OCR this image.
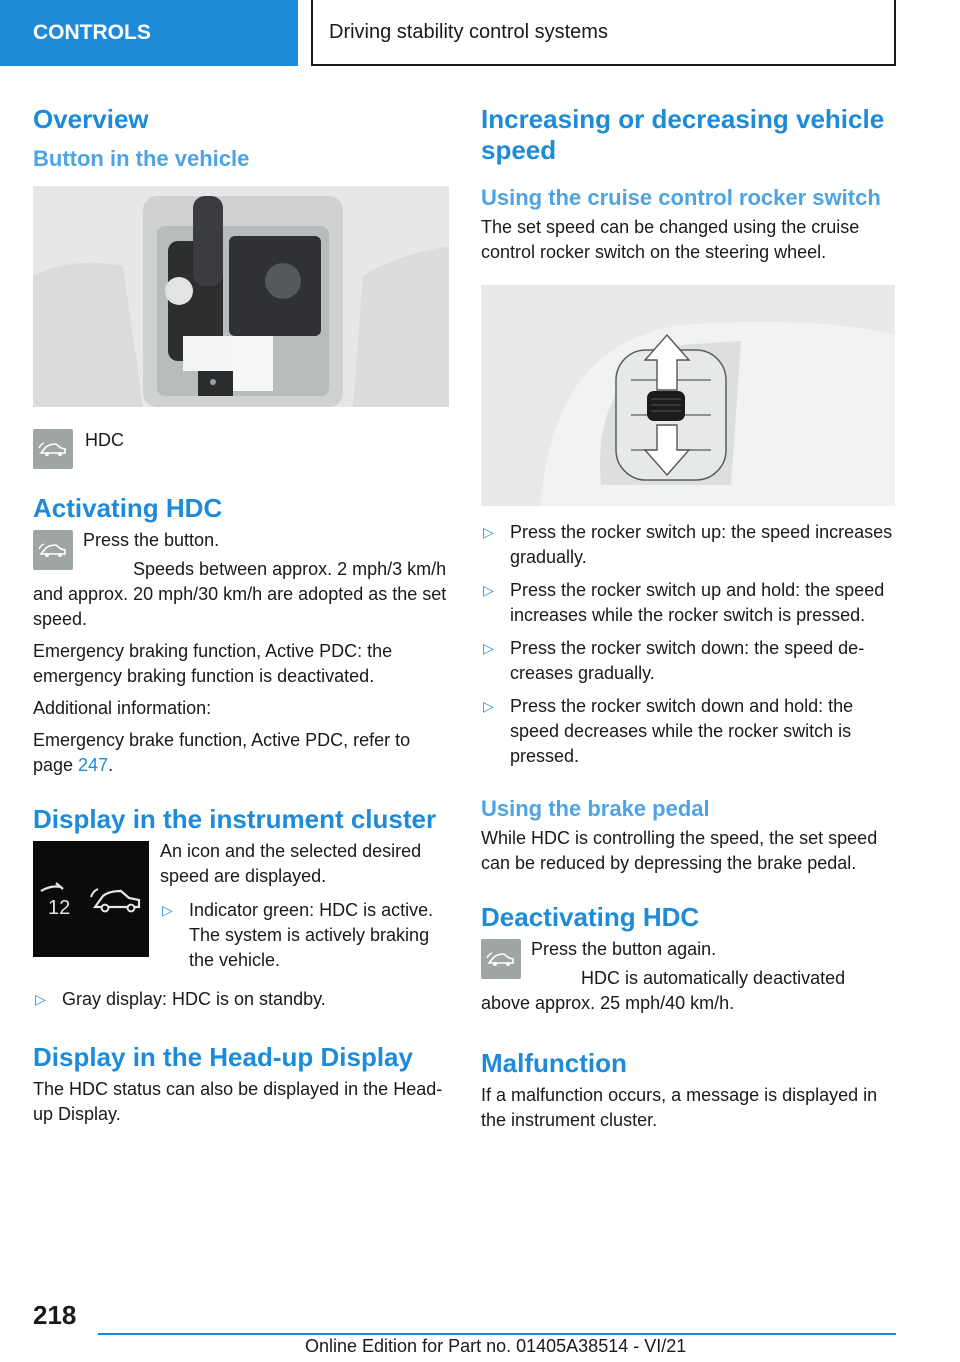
CONTROLS	Driving stability control systems
Overview
Button in the vehicle

HDC

Activating HDC

Press the button.

Speeds between approx. 2 mph/3 km/h and approx. 20 mph/30 km/h are adopted as the set speed.

Emergency braking function, Active PDC: the emergency braking function is deactivated.

Additional information:

Emergency brake function, Active PDC, refer to page 247.

Display in the instrument cluster
12

An icon and the selected desired speed are displayed.

▷ Indicator green: HDC is active. The system is actively braking the vehicle.
▷ Gray display: HDC is on standby.
Display in the Head-up Display

The HDC status can also be displayed in the Head-up Display.

Increasing or decreasing vehicle speed
Using the cruise control rocker switch

The set speed can be changed using the cruise control rocker switch on the steering wheel.

▷ Press the rocker switch up: the speed increases gradually.
▷ Press the rocker switch up and hold: the speed increases while the rocker switch is pressed.
▷ Press the rocker switch down: the speed decreases gradually.
▷ Press the rocker switch down and hold: the speed decreases while the rocker switch is pressed.
Using the brake pedal

While HDC is controlling the speed, the set speed can be reduced by depressing the brake pedal.

Deactivating HDC

Press the button again.

HDC is automatically deactivated above approx. 25 mph/40 km/h.

Malfunction

If a malfunction occurs, a message is displayed in the instrument cluster.

218
Online Edition for Part no. 01405A38514 - VI/21
